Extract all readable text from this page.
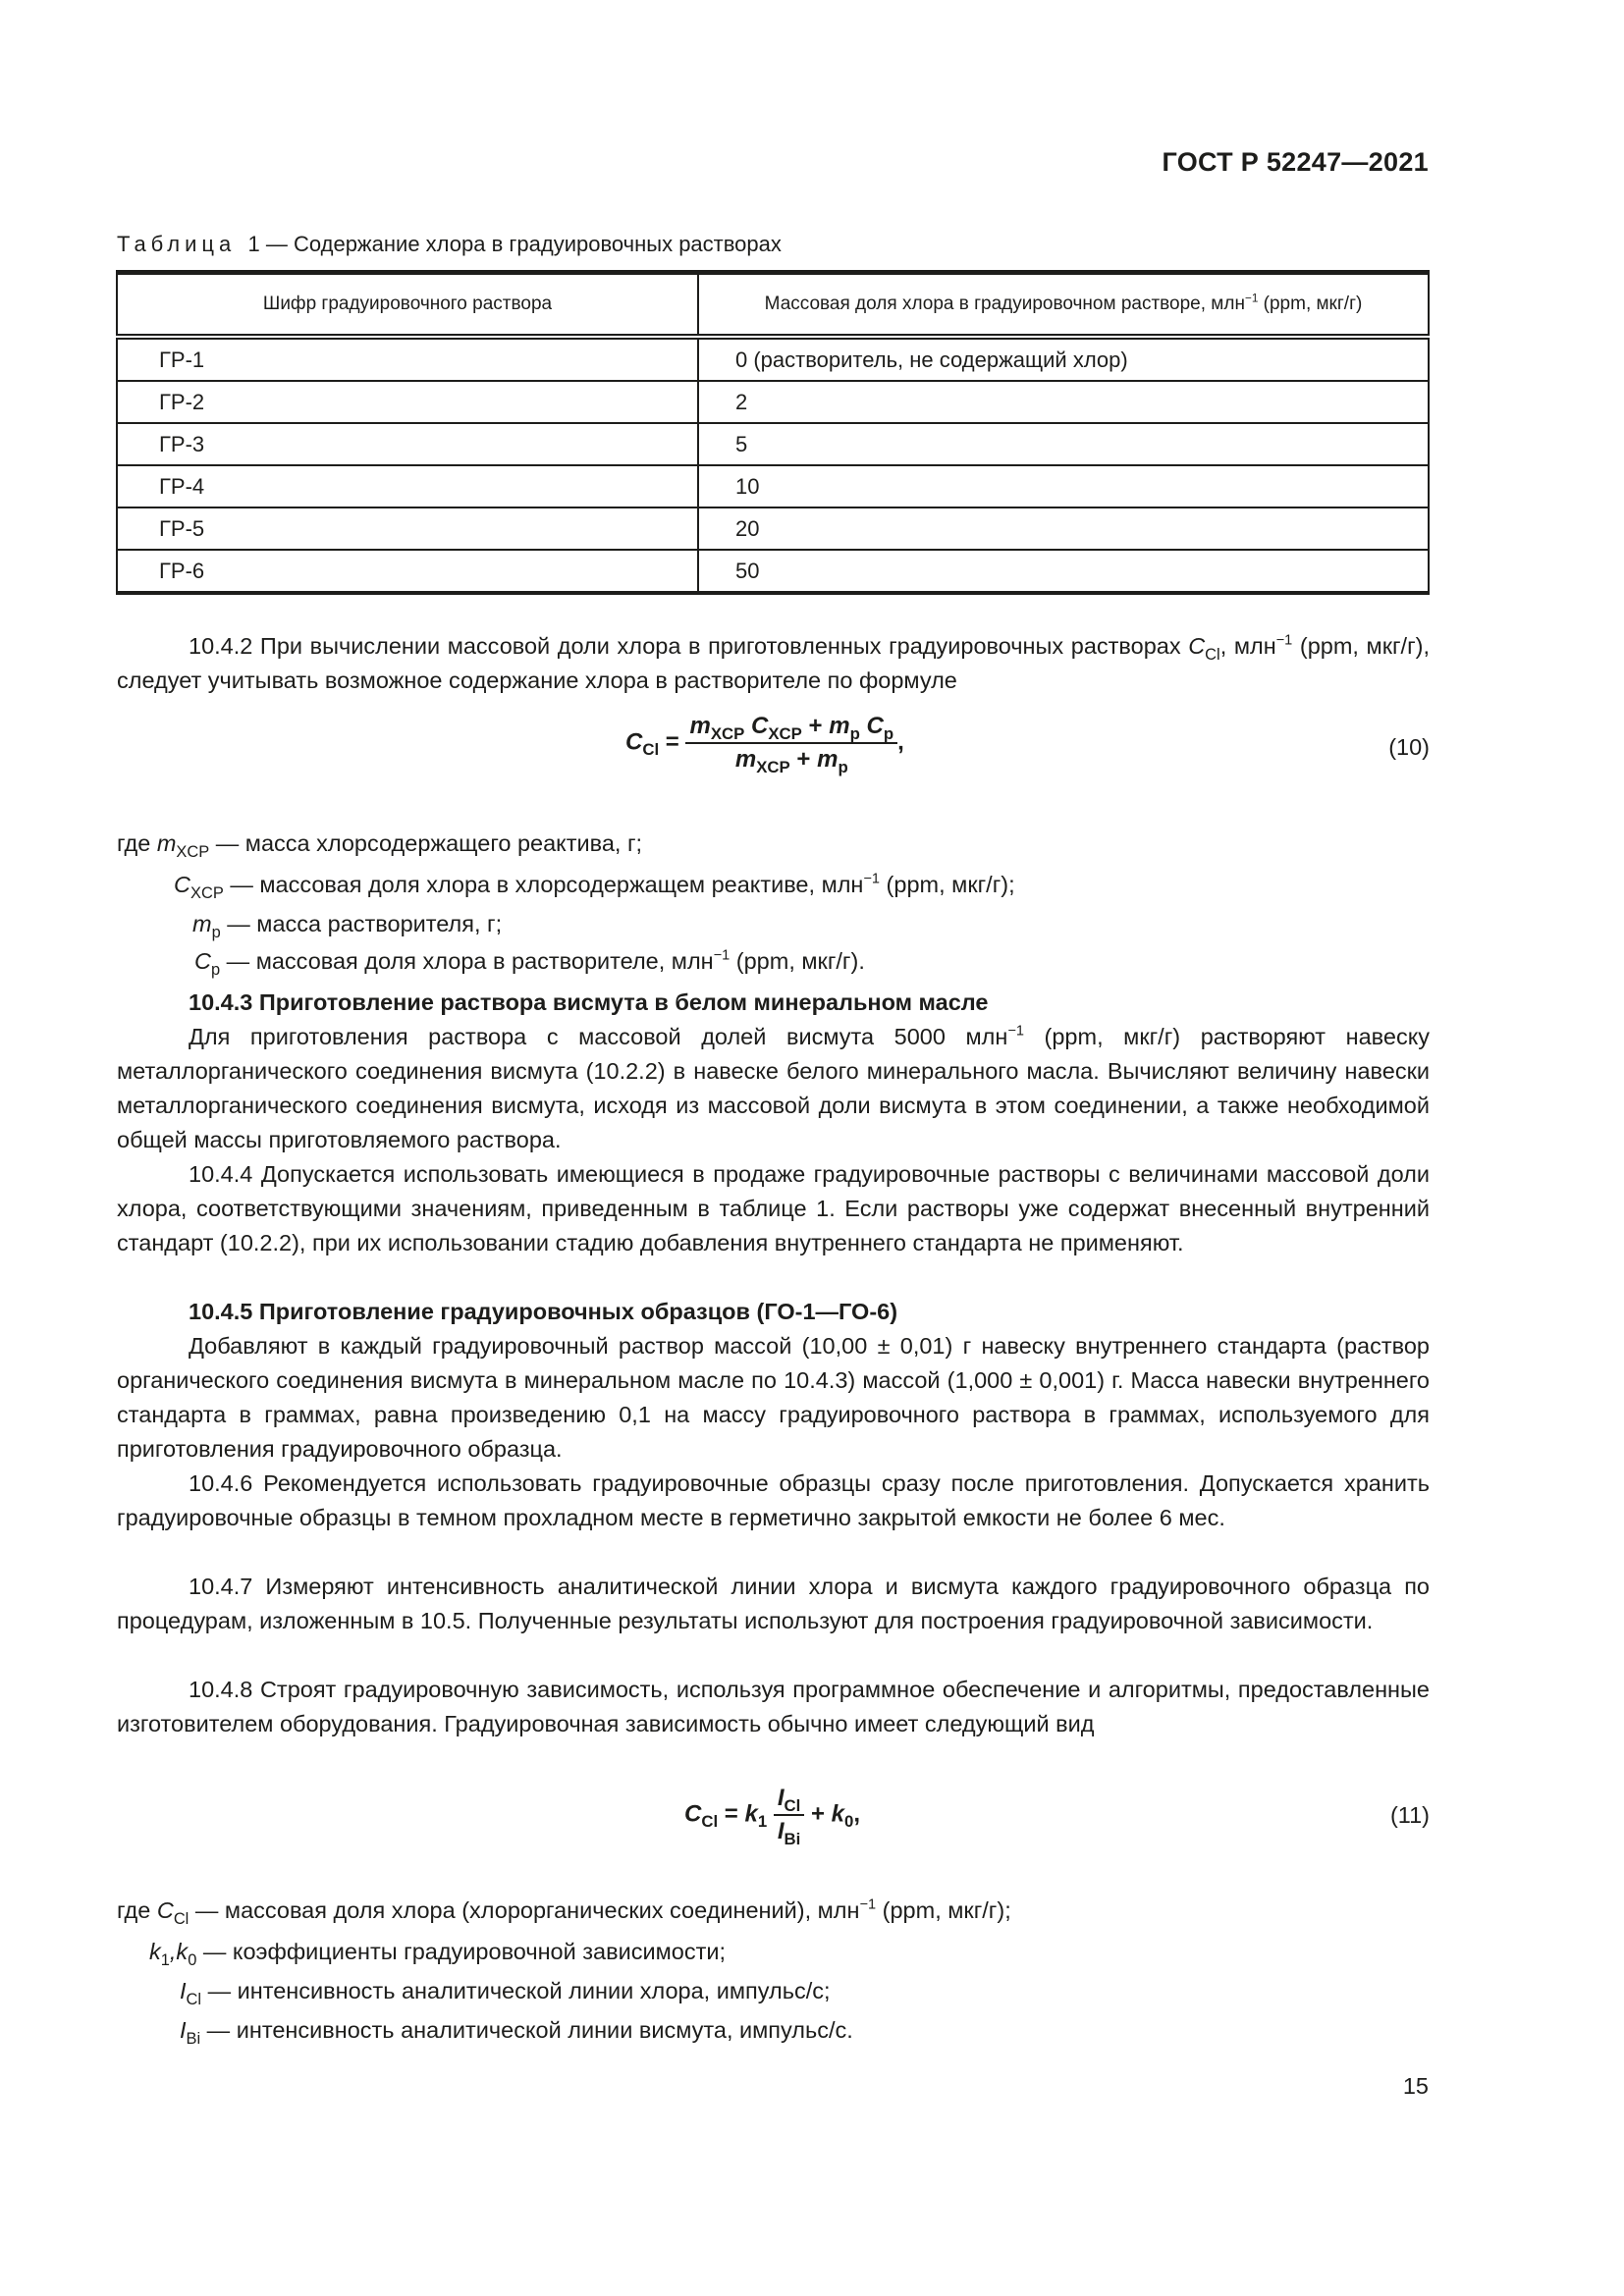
ГОСТ Р 52247—2021
Таблица 1 — Содержание хлора в градуировочных растворах
Шифр градуировочного раствора	Массовая доля хлора в градуировочном растворе, млн$^{-1}$ (ppm, мкг/г)
ГР-1	0 (растворитель, не содержащий хлор)
ГР-2	2
ГР-3	5
ГР-4	10
ГР-5	20
ГР-6	50
10.4.2 При вычислении массовой доли хлора в приготовленных градуировочных растворах $C_{Cl}$, млн$^{-1}$ (ppm, мкг/г), следует учитывать возможное содержание хлора в растворителе по формуле
$C_{Cl} = \frac{m_{XCP} C_{XCP} + m_p C_p}{m_{XCP} + m_p}$ ,	(10)
где $m_{XCP}$ — масса хлорсодержащего реактива, г;
$C_{XCP}$ — массовая доля хлора в хлорсодержащем реактиве, млн$^{-1}$ (ppm, мкг/г);
$m_p$ — масса растворителя, г;
$C_p$ — массовая доля хлора в растворителе, млн$^{-1}$ (ppm, мкг/г).
10.4.3 Приготовление раствора висмута в белом минеральном масле
Для приготовления раствора с массовой долей висмута 5000 млн$^{-1}$ (ppm, мкг/г) растворяют навеску металлорганического соединения висмута (10.2.2) в навеске белого минерального масла. Вычисляют величину навески металлорганического соединения висмута, исходя из массовой доли висмута в этом соединении, а также необходимой общей массы приготовляемого раствора.
10.4.4 Допускается использовать имеющиеся в продаже градуировочные растворы с величинами массовой доли хлора, соответствующими значениям, приведенным в таблице 1. Если растворы уже содержат внесенный внутренний стандарт (10.2.2), при их использовании стадию добавления внутреннего стандарта не применяют.
10.4.5 Приготовление градуировочных образцов (ГО-1—ГО-6)
Добавляют в каждый градуировочный раствор массой (10,00 ± 0,01) г навеску внутреннего стандарта (раствор органического соединения висмута в минеральном масле по 10.4.3) массой (1,000 ± 0,001) г. Масса навески внутреннего стандарта в граммах, равна произведению 0,1 на массу градуировочного раствора в граммах, используемого для приготовления градуировочного образца.
10.4.6 Рекомендуется использовать градуировочные образцы сразу после приготовления. Допускается хранить градуировочные образцы в темном прохладном месте в герметично закрытой емкости не более 6 мес.
10.4.7 Измеряют интенсивность аналитической линии хлора и висмута каждого градуировочного образца по процедурам, изложенным в 10.5. Полученные результаты используют для построения градуировочной зависимости.
10.4.8 Строят градуировочную зависимость, используя программное обеспечение и алгоритмы, предоставленные изготовителем оборудования. Градуировочная зависимость обычно имеет следующий вид
$C_{Cl} = k_1 \frac{I_{Cl}}{I_{Bi}} + k_0$,	(11)
где $C_{Cl}$ — массовая доля хлора (хлорорганических соединений), млн$^{-1}$ (ppm, мкг/г);
$k_1,k_0$ — коэффициенты градуировочной зависимости;
$I_{Cl}$ — интенсивность аналитической линии хлора, импульс/с;
$I_{Bi}$ — интенсивность аналитической линии висмута, импульс/с.
15
